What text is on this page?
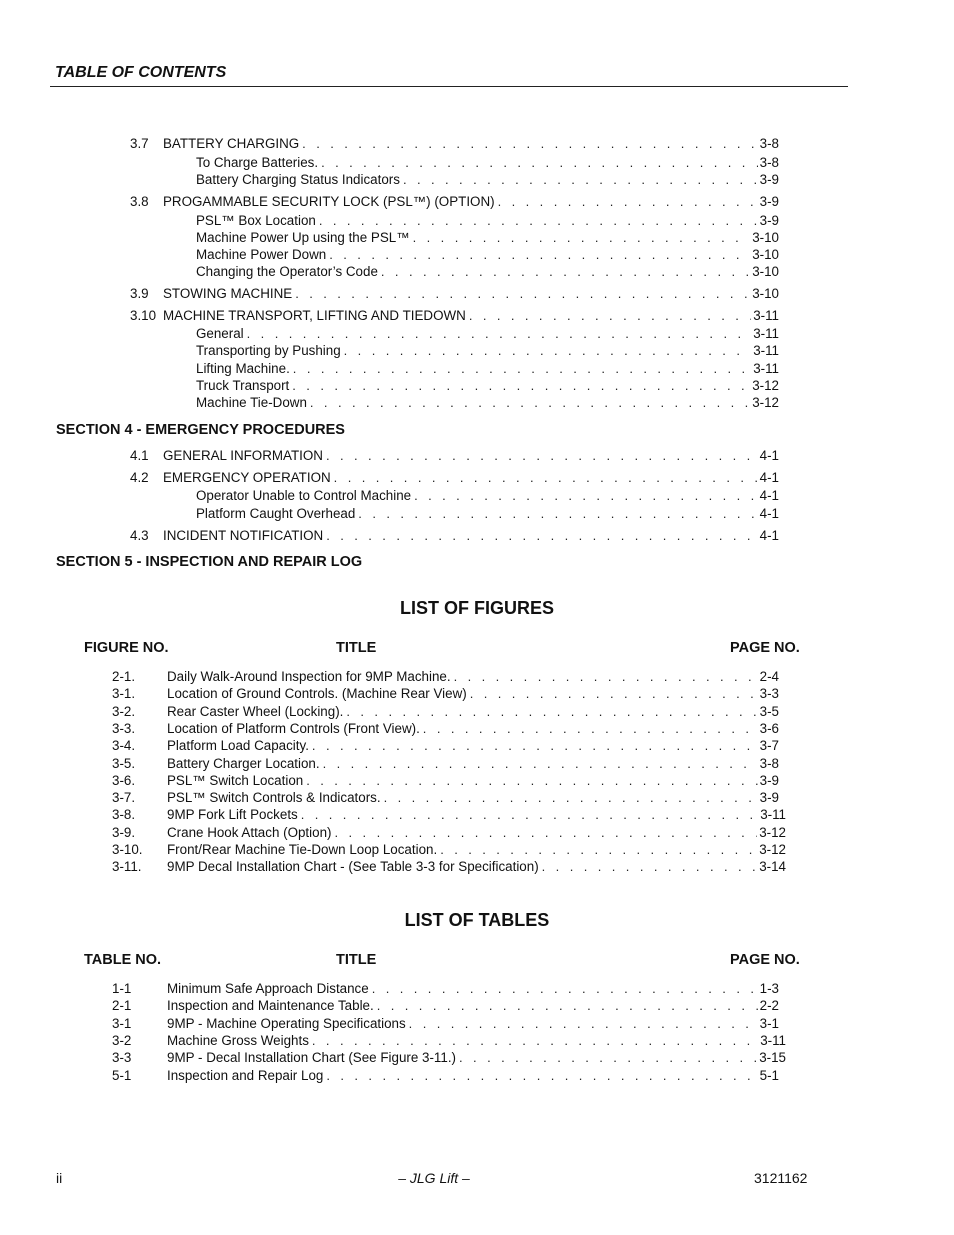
TABLE OF CONTENTS
3.7 BATTERY CHARGING . . .	3-8
To Charge Batteries. . . .	3-8
Battery Charging Status Indicators . . .	3-9
3.8 PROGAMMABLE SECURITY LOCK (PSL™) (OPTION) . . .	3-9
PSL™ Box Location . . .	3-9
Machine Power Up using the PSL™ . . .	3-10
Machine Power Down . . .	3-10
Changing the Operator’s Code . . .	3-10
3.9 STOWING MACHINE . . .	3-10
3.10 MACHINE TRANSPORT, LIFTING AND TIEDOWN . . .	3-11
General . . .	3-11
Transporting by Pushing . . .	3-11
Lifting Machine. . . .	3-11
Truck Transport . . .	3-12
Machine Tie-Down . . .	3-12
SECTION 4 - EMERGENCY PROCEDURES
4.1 GENERAL INFORMATION . . .	4-1
4.2 EMERGENCY OPERATION . . .	4-1
Operator Unable to Control Machine . . .	4-1
Platform Caught Overhead . . .	4-1
4.3 INCIDENT NOTIFICATION . . .	4-1
SECTION 5 - INSPECTION AND REPAIR LOG
LIST OF FIGURES
FIGURE NO.	TITLE	PAGE NO.
2-1. Daily Walk-Around Inspection for 9MP Machine. . . .	2-4
3-1. Location of Ground Controls. (Machine Rear View) . . .	3-3
3-2. Rear Caster Wheel (Locking). . . .	3-5
3-3. Location of Platform Controls (Front View). . . .	3-6
3-4. Platform Load Capacity. . . .	3-7
3-5. Battery Charger Location. . . .	3-8
3-6. PSL™ Switch Location . . .	3-9
3-7. PSL™ Switch Controls & Indicators. . . .	3-9
3-8. 9MP Fork Lift Pockets . . .	3-11
3-9. Crane Hook Attach (Option) . . .	3-12
3-10. Front/Rear Machine Tie-Down Loop Location. . . .	3-12
3-11. 9MP Decal Installation Chart - (See Table 3-3 for Specification) . . .	3-14
LIST OF TABLES
TABLE NO.	TITLE	PAGE NO.
1-1	Minimum Safe Approach Distance . . .	1-3
2-1	Inspection and Maintenance Table. . . .	2-2
3-1	9MP - Machine Operating Specifications . . .	3-1
3-2	Machine Gross Weights . . .	3-11
3-3	9MP - Decal Installation Chart (See Figure 3-11.) . . .	3-15
5-1	Inspection and Repair Log . . .	5-1
ii	– JLG Lift –	3121162
